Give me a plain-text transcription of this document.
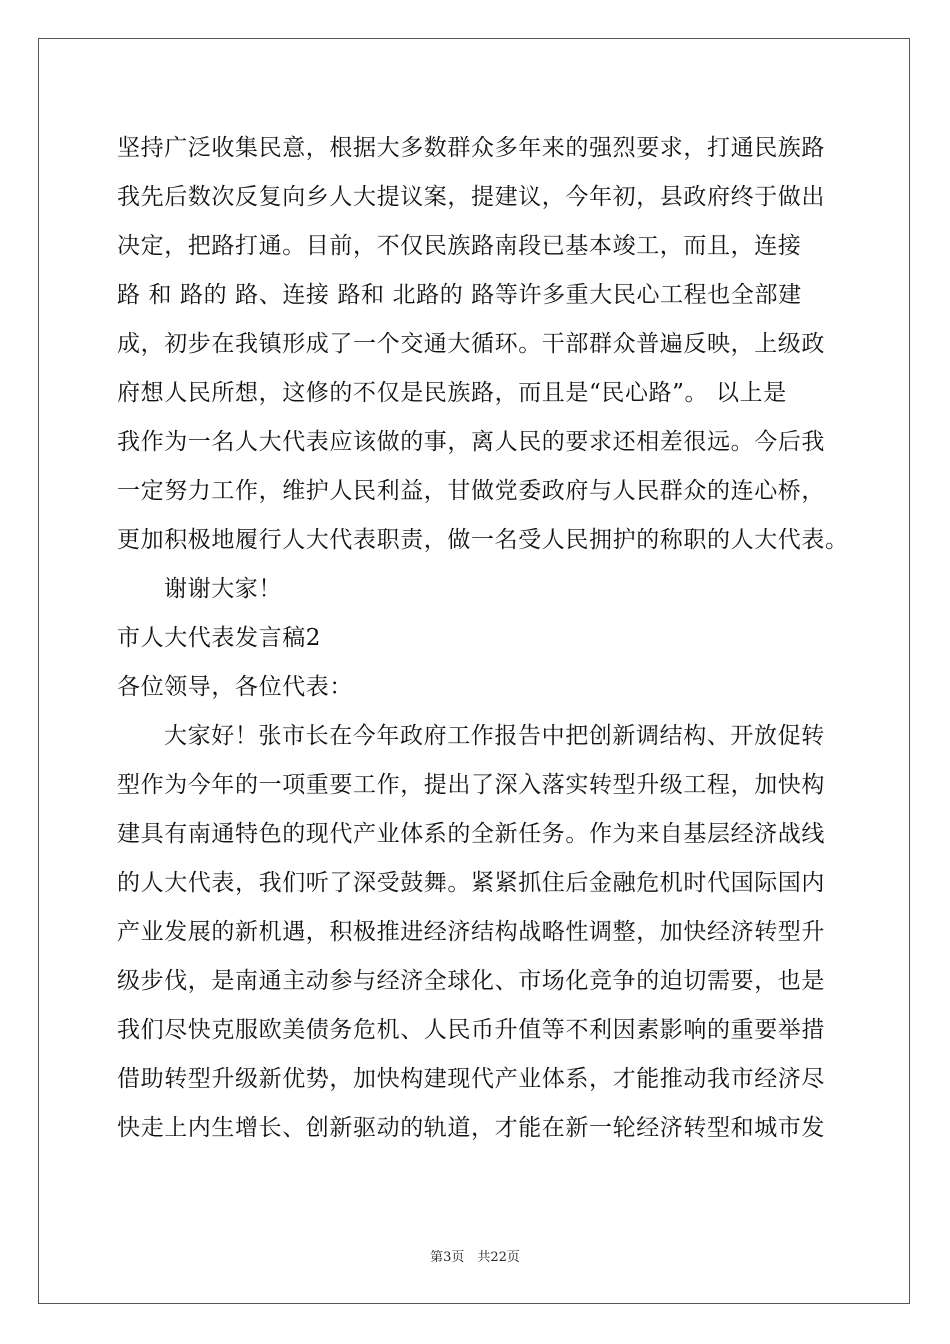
坚持广泛收集民意，根据大多数群众多年来的强烈要求，打通民族路
我先后数次反复向乡人大提议案，提建议，今年初，县政府终于做出
决定，把路打通。目前，不仅民族路南段已基本竣工，而且，连接
路 和 路的 路、连接 路和 北路的 路等许多重大民心工程也全部建
成，初步在我镇形成了一个交通大循环。干部群众普遍反映，上级政
府想人民所想，这修的不仅是民族路，而且是“民心路”。 以上是
我作为一名人大代表应该做的事，离人民的要求还相差很远。今后我
一定努力工作，维护人民利益，甘做党委政府与人民群众的连心桥，
更加积极地履行人大代表职责，做一名受人民拥护的称职的人大代表。
谢谢大家！
市人大代表发言稿2
各位领导，各位代表：
大家好！张市长在今年政府工作报告中把创新调结构、开放促转
型作为今年的一项重要工作，提出了深入落实转型升级工程，加快构
建具有南通特色的现代产业体系的全新任务。作为来自基层经济战线
的人大代表，我们听了深受鼓舞。紧紧抓住后金融危机时代国际国内
产业发展的新机遇，积极推进经济结构战略性调整，加快经济转型升
级步伐，是南通主动参与经济全球化、市场化竞争的迫切需要，也是
我们尽快克服欧美债务危机、人民币升值等不利因素影响的重要举措
借助转型升级新优势，加快构建现代产业体系，才能推动我市经济尽
快走上内生增长、创新驱动的轨道，才能在新一轮经济转型和城市发
第3页　共22页
